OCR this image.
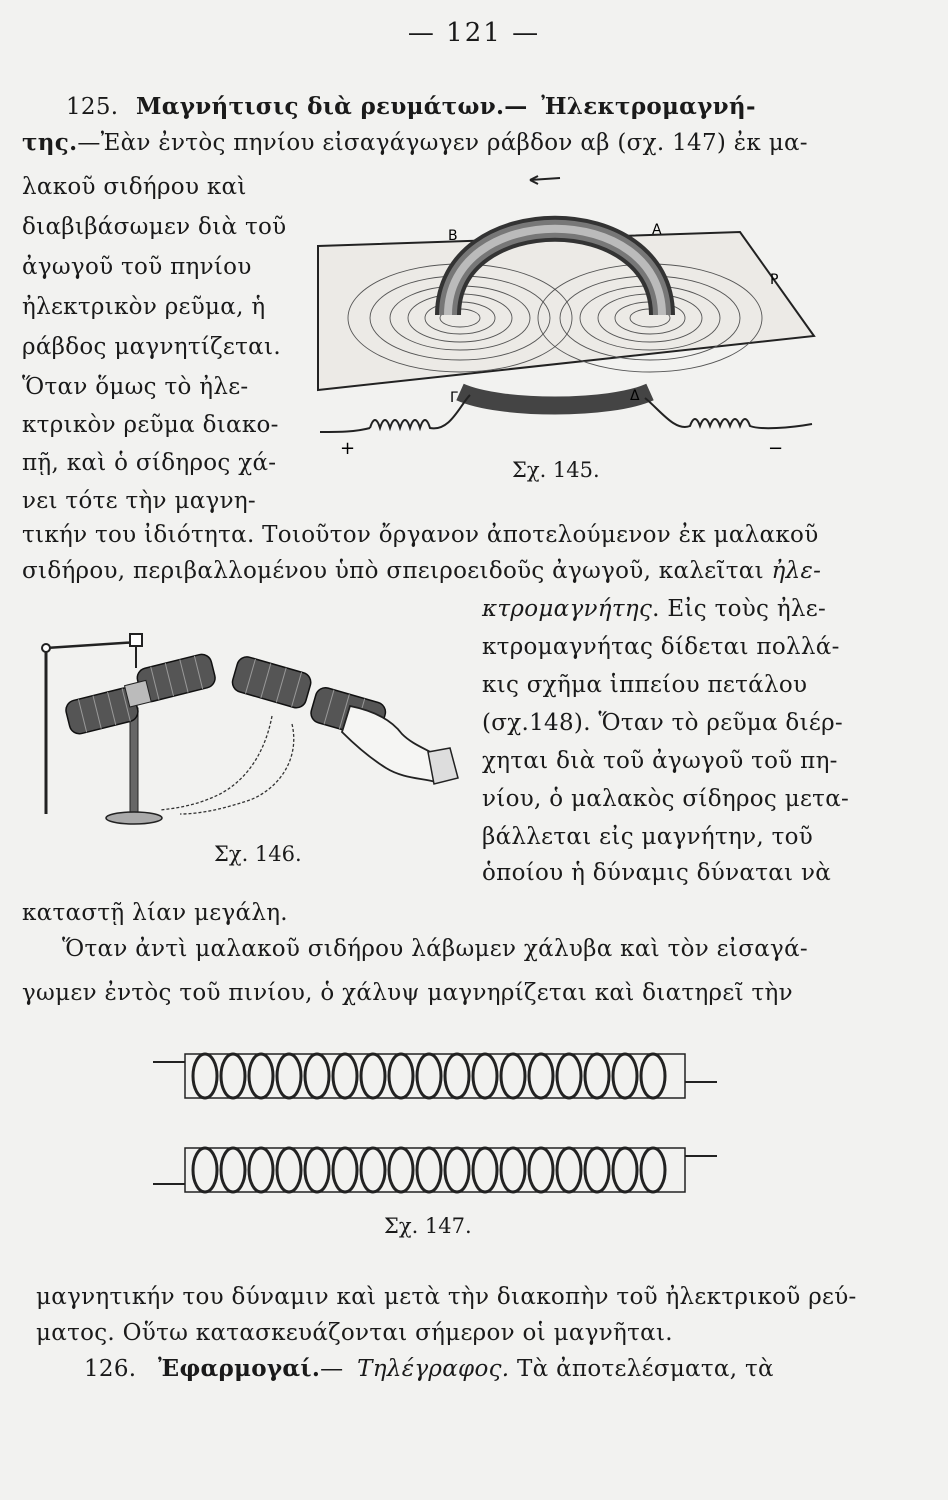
— 121 —
125. Μαγνήτισις διὰ ρευμάτων.— Ἠλεκτρομαγνή-
της.—Ἐὰν ἐντὸς πηνίου εἰσαγάγωγεν ράβδον αβ (σχ. 147) ἐκ μα-
λακοῦ σιδήρου καὶ
διαβιβάσωμεν διὰ τοῦ
ἀγωγοῦ τοῦ πηνίου
ἠλεκτρικὸν ρεῦμα, ἡ
ράβδος μαγνητίζεται.
Ὅταν ὅμως τὸ ἠλε-
κτρικὸν ρεῦμα διακο-
πῇ, καὶ ὁ σίδηρος χά-
νει τότε τὴν μαγνη-
τικήν του ἰδιότητα. Τοιοῦτον ὄργανον ἀποτελούμενον ἐκ μαλακοῦ
σιδήρου, περιβαλλομένου ὑπὸ σπειροειδοῦς ἀγωγοῦ, καλεῖται ἠλε-
κτρομαγνήτης. Εἰς τοὺς ἠλε-
κτρομαγνήτας δίδεται πολλά-
κις σχῆμα ἱππείου πετάλου
(σχ.148). Ὅταν τὸ ρεῦμα διέρ-
χηται διὰ τοῦ ἀγωγοῦ τοῦ πη-
νίου, ὁ μαλακὸς σίδηρος μετα-
βάλλεται εἰς μαγνήτην, τοῦ
ὁποίου ἡ δύναμις δύναται νὰ
καταστῇ λίαν μεγάλη.
Ὅταν ἀντὶ μαλακοῦ σιδήρου λάβωμεν χάλυβα καὶ τὸν εἰσαγά-
γωμεν ἐντὸς τοῦ πινίου, ὁ χάλυψ μαγνηρίζεται καὶ διατηρεῖ τὴν
μαγνητικήν του δύναμιν καὶ μετὰ τὴν διακοπὴν τοῦ ἠλεκτρικοῦ ρεύ-
ματος. Οὕτω κατασκευάζονται σήμερον οἱ μαγνῆται.
126. Ἐφαρμογαί.— Τηλέγραφος. Τὰ ἀποτελέσματα, τὰ
B	A
P
Γ	Δ
+	−
Σχ. 145.
Σχ. 146.
Σχ. 147.
